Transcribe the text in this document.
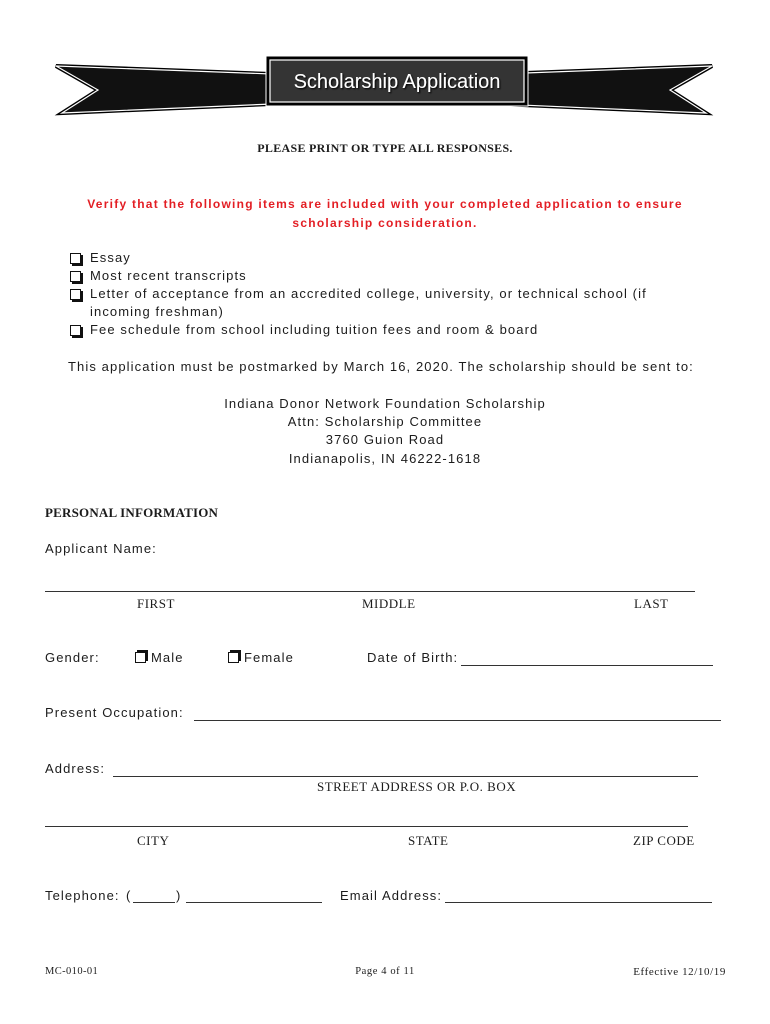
Scholarship Application
PLEASE PRINT OR TYPE ALL RESPONSES.
Verify that the following items are included with your completed application to ensure
scholarship consideration.
Essay
Most recent transcripts
Letter of acceptance from an accredited college, university, or technical school (if
incoming freshman)
Fee schedule from school including tuition fees and room & board
This application must be postmarked by March 16, 2020. The scholarship should be sent to:
Indiana Donor Network Foundation Scholarship
Attn: Scholarship Committee
3760 Guion Road
Indianapolis, IN 46222-1618
PERSONAL INFORMATION
Applicant Name:
FIRST	MIDDLE	LAST
Gender:	Male	Female	Date of Birth:
Present Occupation:
Address:
STREET ADDRESS OR P.O. BOX
CITY	STATE	ZIP CODE
Telephone: (	)	Email Address:
MC-010-01	Page 4 of 11	Effective 12/10/19
